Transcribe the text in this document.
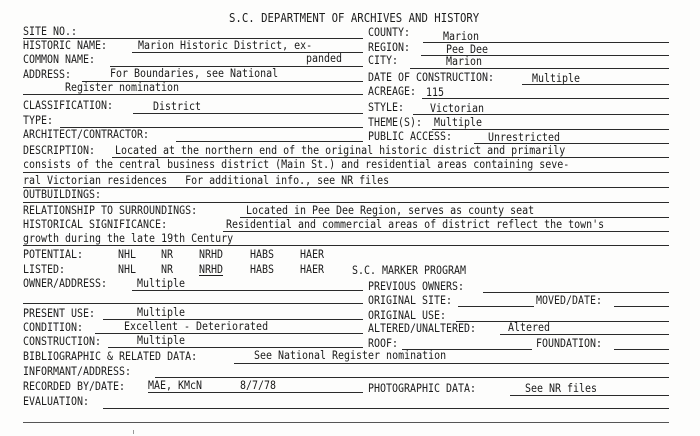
S.C. DEPARTMENT OF ARCHIVES AND HISTORY
SITE NO.:	COUNTY:	Marion
HISTORIC NAME:	Marion Historic District, ex-	REGION:	Pee Dee
COMMON NAME:	panded CITY:	Marion
ADDRESS:	For Boundaries, see National	DATE OF CONSTRUCTION:	Multiple
Register nomination	ACREAGE: 115
CLASSIFICATION:	District	STYLE: Victorian
TYPE:	THEME(S): Multiple
ARCHITECT/CONTRACTOR:	PUBLIC ACCESS:	Unrestricted
DESCRIPTION: Located at the northern end of the original historic district and primarily
consists of the central business district (Main St.) and residential areas containing seve-
ral Victorian residences   For additional info., see NR files
OUTBUILDINGS:
RELATIONSHIP TO SURROUNDINGS:	Located in Pee Dee Region, serves as county seat
HISTORICAL SIGNIFICANCE:	Residential and commercial areas of district reflect the town's
growth during the late 19th Century
POTENTIAL:	NHL NR NRHD HABS HAER
LISTED:	NHL NR NRHD HABS HAER S.C. MARKER PROGRAM
OWNER/ADDRESS:	Multiple	PREVIOUS OWNERS:
ORIGINAL SITE:	MOVED/DATE:
PRESENT USE:	Multiple	ORIGINAL USE:
CONDITION:	Excellent - Deteriorated	ALTERED/UNALTERED:	Altered
CONSTRUCTION:	Multiple	ROOF:	FOUNDATION:
BIBLIOGRAPHIC & RELATED DATA:	See National Register nomination
INFORMANT/ADDRESS:
RECORDED BY/DATE: MAE, KMcN	8/7/78	PHOTOGRAPHIC DATA:	See NR files
EVALUATION:
